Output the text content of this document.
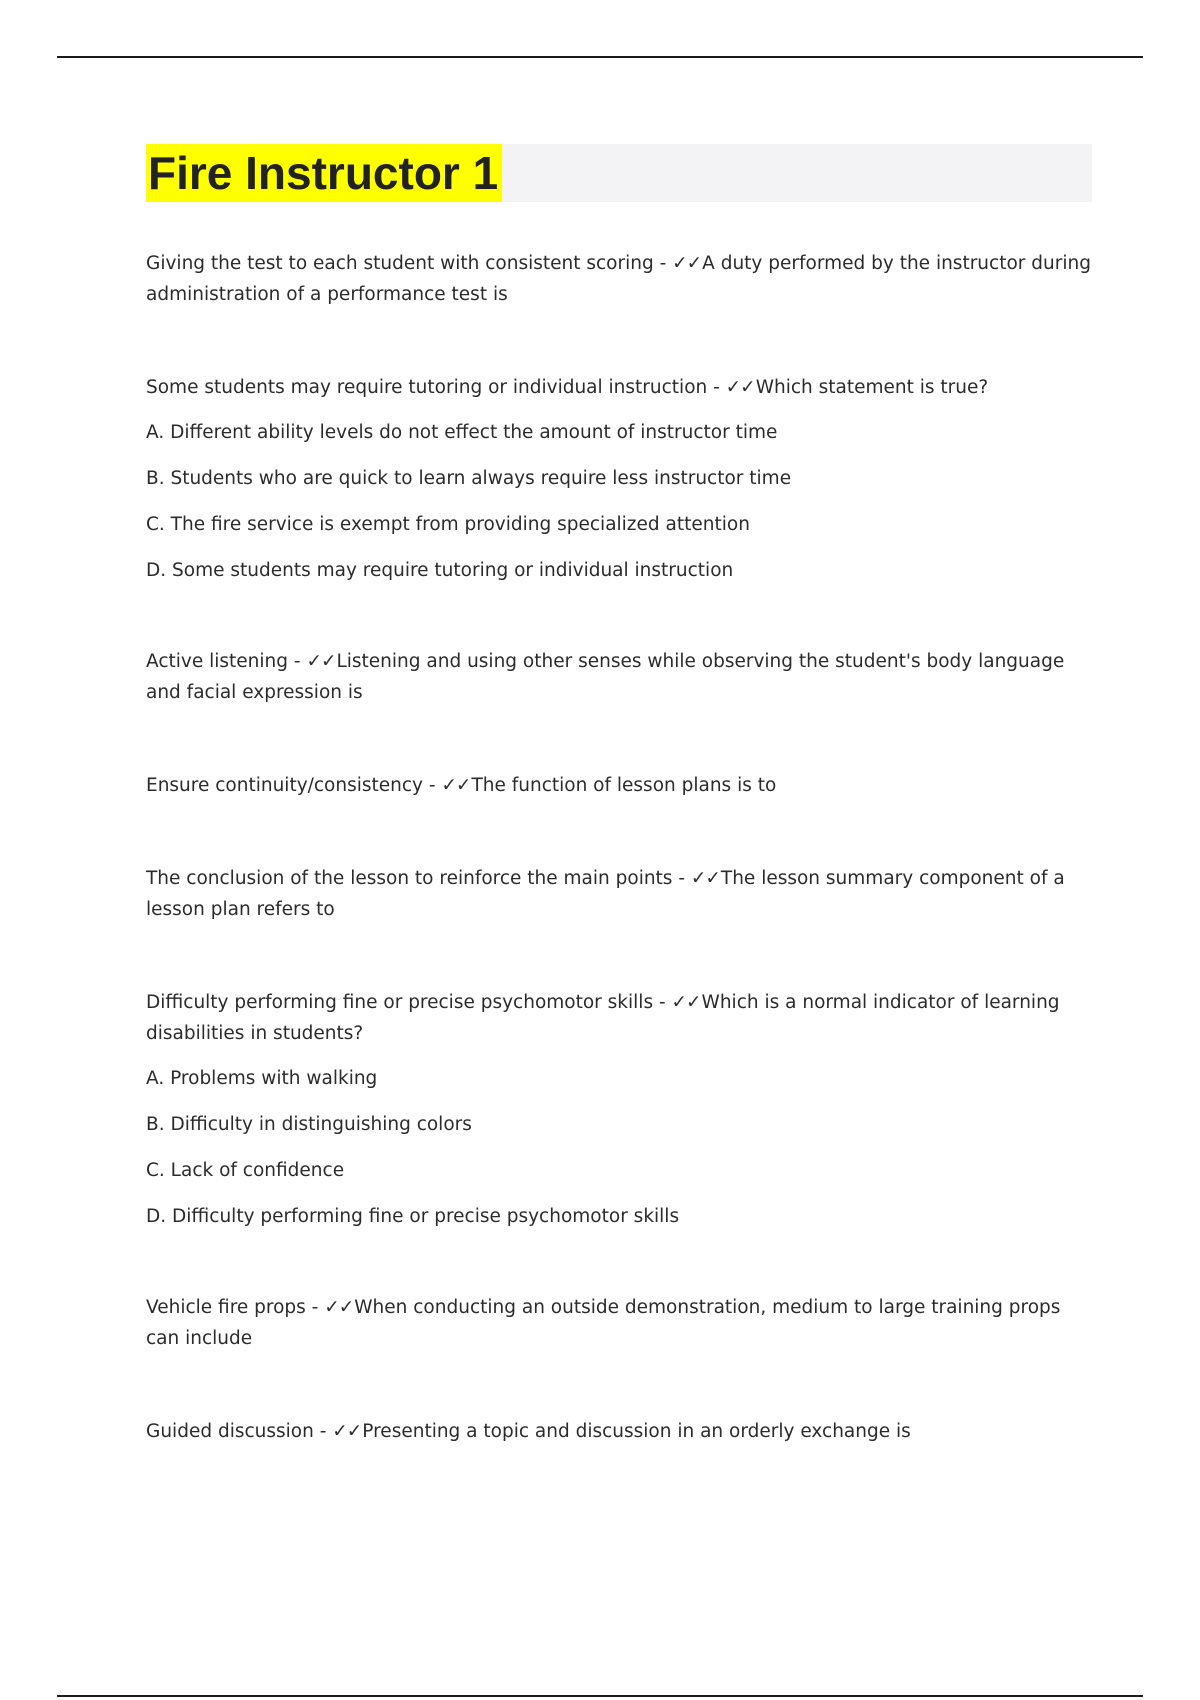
Fire Instructor 1

Giving the test to each student with consistent scoring - ✓✓A duty performed by the instructor during administration of a performance test is

Some students may require tutoring or individual instruction - ✓✓Which statement is true?

A. Different ability levels do not effect the amount of instructor time
B. Students who are quick to learn always require less instructor time
C. The fire service is exempt from providing specialized attention
D. Some students may require tutoring or individual instruction

Active listening - ✓✓Listening and using other senses while observing the student's body language and facial expression is

Ensure continuity/consistency - ✓✓The function of lesson plans is to

The conclusion of the lesson to reinforce the main points - ✓✓The lesson summary component of a lesson plan refers to

Difficulty performing fine or precise psychomotor skills - ✓✓Which is a normal indicator of learning disabilities in students?

A. Problems with walking
B. Difficulty in distinguishing colors
C. Lack of confidence
D. Difficulty performing fine or precise psychomotor skills

Vehicle fire props - ✓✓When conducting an outside demonstration, medium to large training props can include

Guided discussion - ✓✓Presenting a topic and discussion in an orderly exchange is
